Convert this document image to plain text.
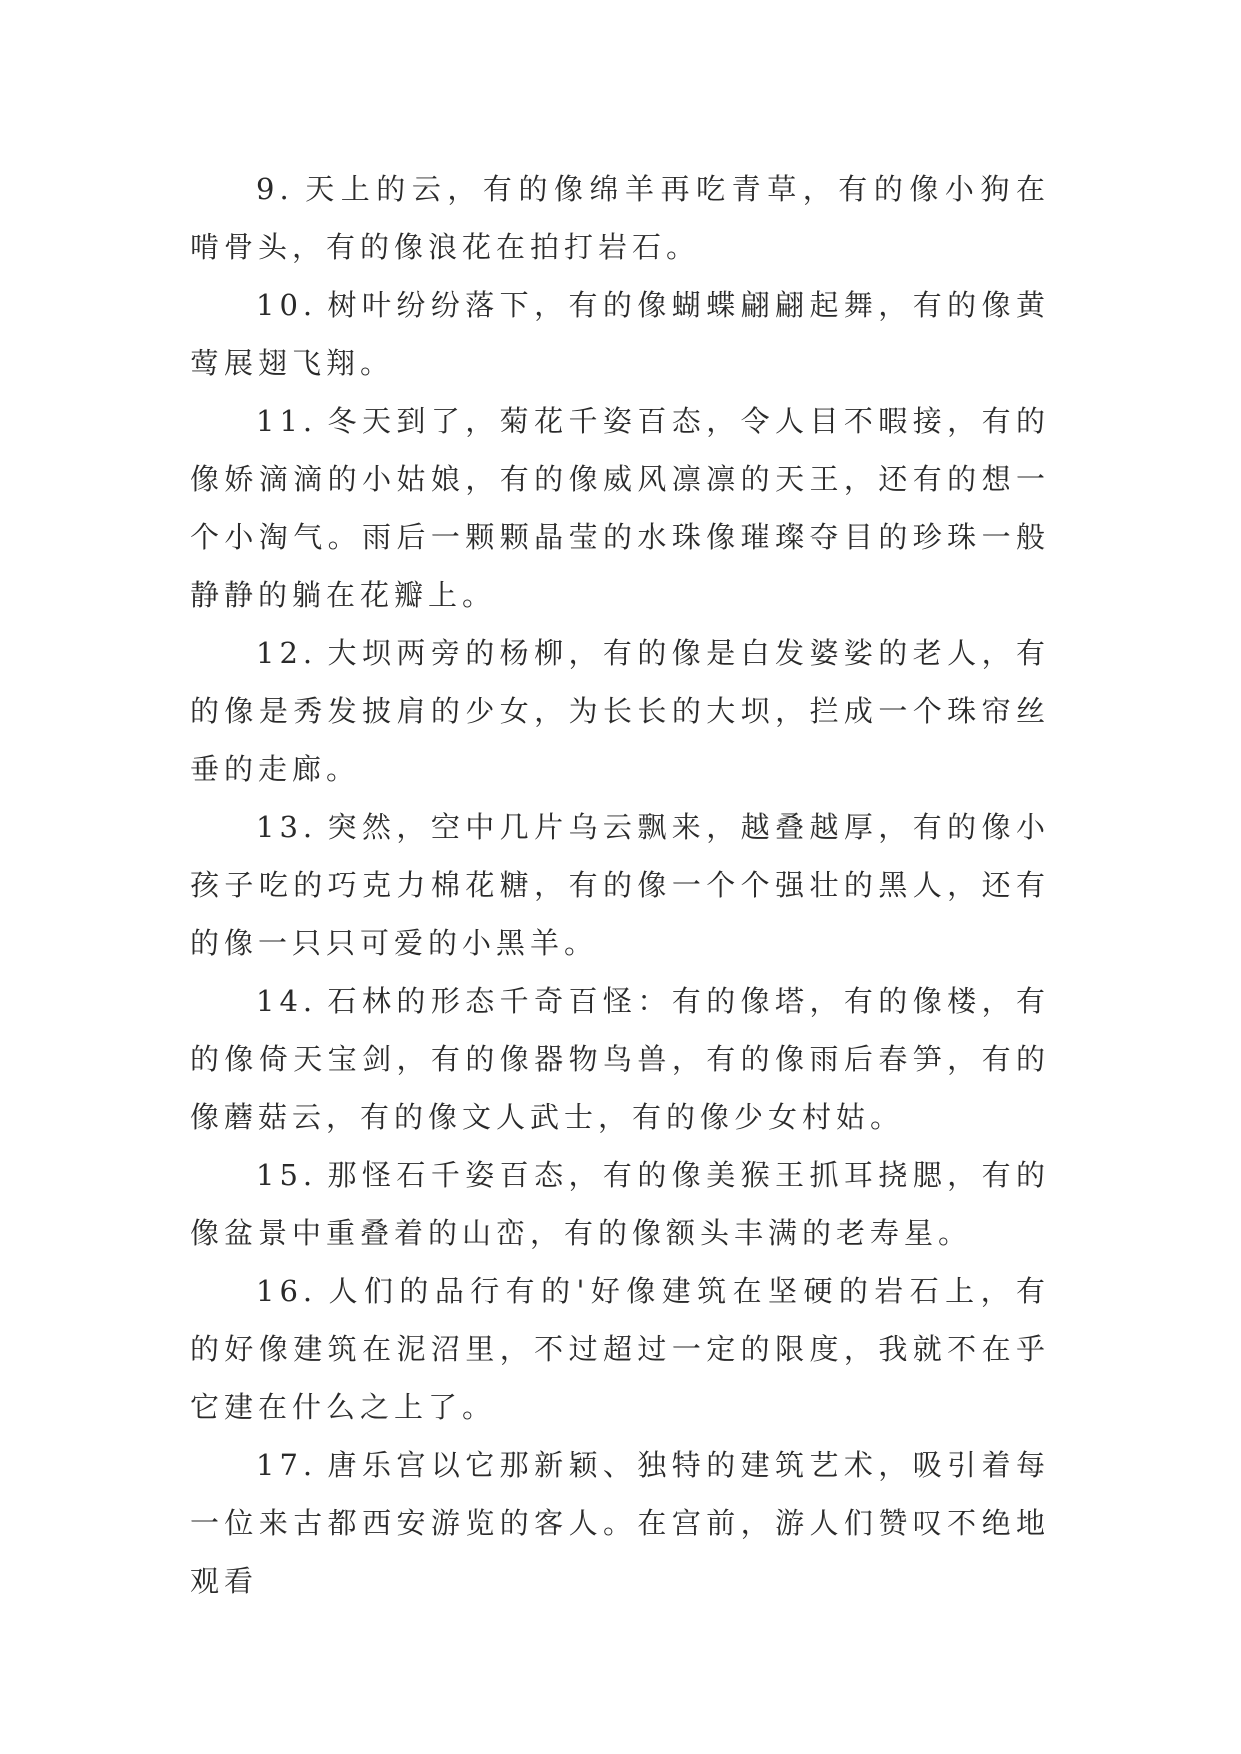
9. 天上的云，有的像绵羊再吃青草，有的像小狗在啃骨头，有的像浪花在拍打岩石。

10. 树叶纷纷落下，有的像蝴蝶翩翩起舞，有的像黄莺展翅飞翔。

11. 冬天到了，菊花千姿百态，令人目不暇接，有的像娇滴滴的小姑娘，有的像威风凛凛的天王，还有的想一个小淘气。雨后一颗颗晶莹的水珠像璀璨夺目的珍珠一般静静的躺在花瓣上。

12. 大坝两旁的杨柳，有的像是白发婆娑的老人，有的像是秀发披肩的少女，为长长的大坝，拦成一个珠帘丝垂的走廊。

13. 突然，空中几片乌云飘来，越叠越厚，有的像小孩子吃的巧克力棉花糖，有的像一个个强壮的黑人，还有的像一只只可爱的小黑羊。

14. 石林的形态千奇百怪：有的像塔，有的像楼，有的像倚天宝剑，有的像器物鸟兽，有的像雨后春笋，有的像蘑菇云，有的像文人武士，有的像少女村姑。

15. 那怪石千姿百态，有的像美猴王抓耳挠腮，有的像盆景中重叠着的山峦，有的像额头丰满的老寿星。

16. 人们的品行有的'好像建筑在坚硬的岩石上，有的好像建筑在泥沼里，不过超过一定的限度，我就不在乎它建在什么之上了。

17. 唐乐宫以它那新颖、独特的建筑艺术，吸引着每一位来古都西安游览的客人。在宫前，游人们赞叹不绝地观看
